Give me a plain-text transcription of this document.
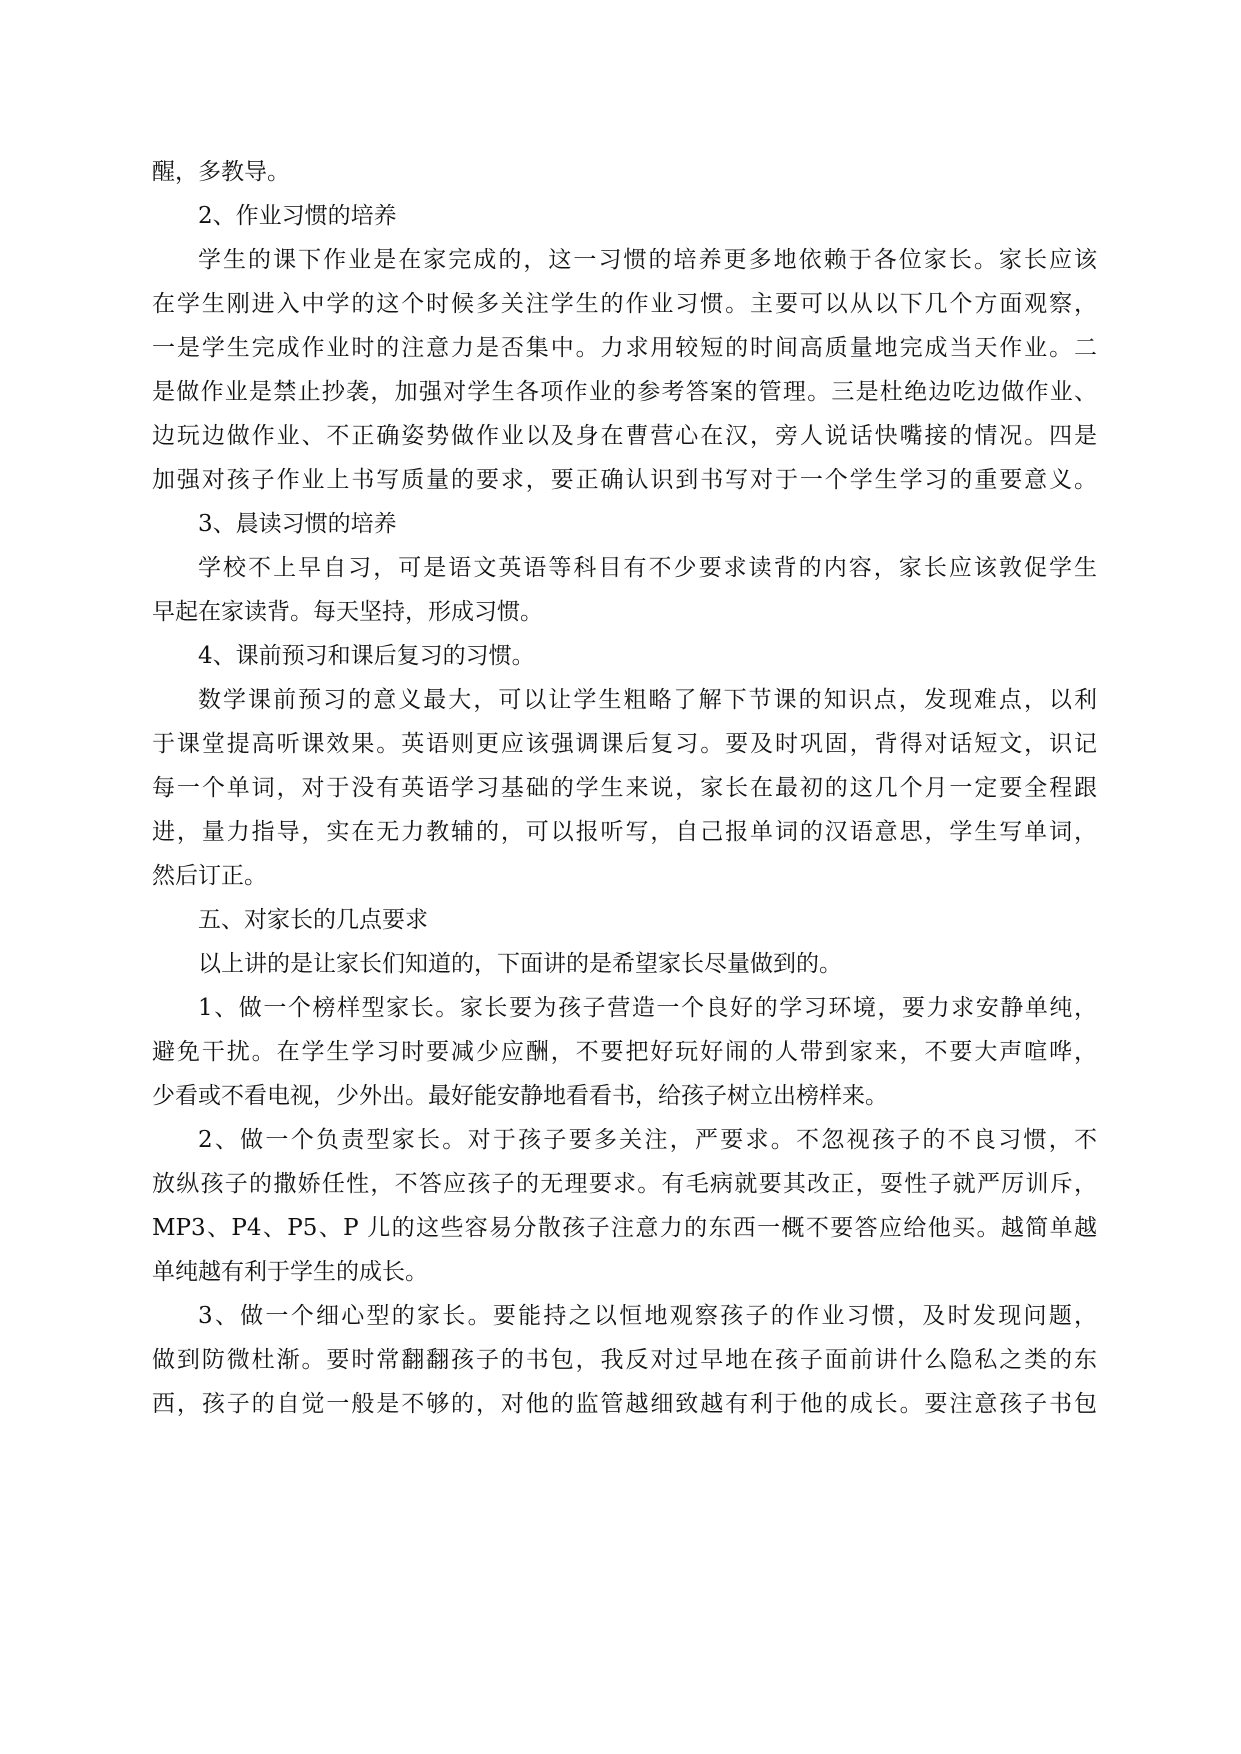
醒，多教导。
2、作业习惯的培养
学生的课下作业是在家完成的，这一习惯的培养更多地依赖于各位家长。家长应该
在学生刚进入中学的这个时候多关注学生的作业习惯。主要可以从以下几个方面观察，
一是学生完成作业时的注意力是否集中。力求用较短的时间高质量地完成当天作业。二
是做作业是禁止抄袭，加强对学生各项作业的参考答案的管理。三是杜绝边吃边做作业、
边玩边做作业、不正确姿势做作业以及身在曹营心在汉，旁人说话快嘴接的情况。四是
加强对孩子作业上书写质量的要求，要正确认识到书写对于一个学生学习的重要意义。
3、晨读习惯的培养
学校不上早自习，可是语文英语等科目有不少要求读背的内容，家长应该敦促学生
早起在家读背。每天坚持，形成习惯。
4、课前预习和课后复习的习惯。
数学课前预习的意义最大，可以让学生粗略了解下节课的知识点，发现难点，以利
于课堂提高听课效果。英语则更应该强调课后复习。要及时巩固，背得对话短文，识记
每一个单词，对于没有英语学习基础的学生来说，家长在最初的这几个月一定要全程跟
进，量力指导，实在无力教辅的，可以报听写，自己报单词的汉语意思，学生写单词，
然后订正。
五、对家长的几点要求
以上讲的是让家长们知道的，下面讲的是希望家长尽量做到的。
1、做一个榜样型家长。家长要为孩子营造一个良好的学习环境，要力求安静单纯，
避免干扰。在学生学习时要减少应酬，不要把好玩好闹的人带到家来，不要大声喧哗，
少看或不看电视，少外出。最好能安静地看看书，给孩子树立出榜样来。
2、做一个负责型家长。对于孩子要多关注，严要求。不忽视孩子的不良习惯，不
放纵孩子的撒娇任性，不答应孩子的无理要求。有毛病就要其改正，耍性子就严厉训斥，
MP3、P4、P5、P 儿的这些容易分散孩子注意力的东西一概不要答应给他买。越简单越
单纯越有利于学生的成长。
3、做一个细心型的家长。要能持之以恒地观察孩子的作业习惯，及时发现问题，
做到防微杜渐。要时常翻翻孩子的书包，我反对过早地在孩子面前讲什么隐私之类的东
西，孩子的自觉一般是不够的，对他的监管越细致越有利于他的成长。要注意孩子书包
